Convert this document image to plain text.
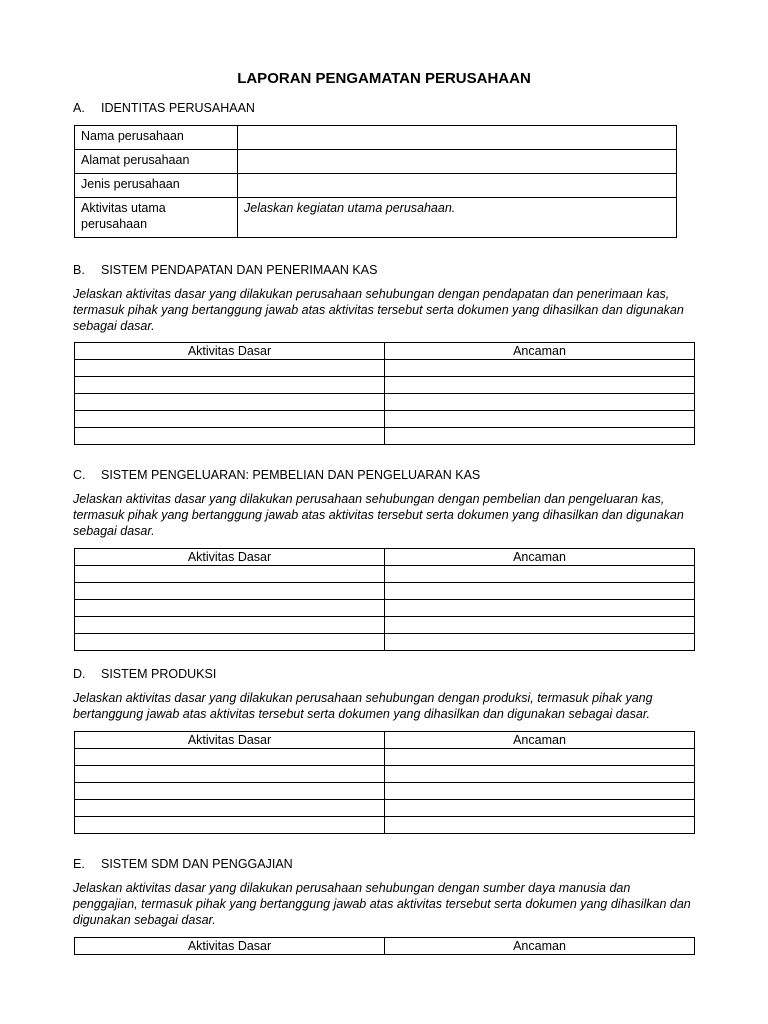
LAPORAN PENGAMATAN PERUSAHAAN
A. IDENTITAS PERUSAHAAN
Nama perusahaan	
Alamat perusahaan	
Jenis perusahaan	
Aktivitas utama perusahaan	Jelaskan kegiatan utama perusahaan.
B. SISTEM PENDAPATAN DAN PENERIMAAN KAS
Jelaskan aktivitas dasar yang dilakukan perusahaan sehubungan dengan pendapatan dan penerimaan kas, termasuk pihak yang bertanggung jawab atas aktivitas tersebut serta dokumen yang dihasilkan dan digunakan sebagai dasar.
Aktivitas Dasar	Ancaman

C. SISTEM PENGELUARAN: PEMBELIAN DAN PENGELUARAN KAS
Jelaskan aktivitas dasar yang dilakukan perusahaan sehubungan dengan pembelian dan pengeluaran kas, termasuk pihak yang bertanggung jawab atas aktivitas tersebut serta dokumen yang dihasilkan dan digunakan sebagai dasar.
Aktivitas Dasar	Ancaman

D. SISTEM PRODUKSI
Jelaskan aktivitas dasar yang dilakukan perusahaan sehubungan dengan produksi, termasuk pihak yang bertanggung jawab atas aktivitas tersebut serta dokumen yang dihasilkan dan digunakan sebagai dasar.
Aktivitas Dasar	Ancaman

E. SISTEM SDM DAN PENGGAJIAN
Jelaskan aktivitas dasar yang dilakukan perusahaan sehubungan dengan sumber daya manusia dan penggajian, termasuk pihak yang bertanggung jawab atas aktivitas tersebut serta dokumen yang dihasilkan dan digunakan sebagai dasar.
Aktivitas Dasar	Ancaman
